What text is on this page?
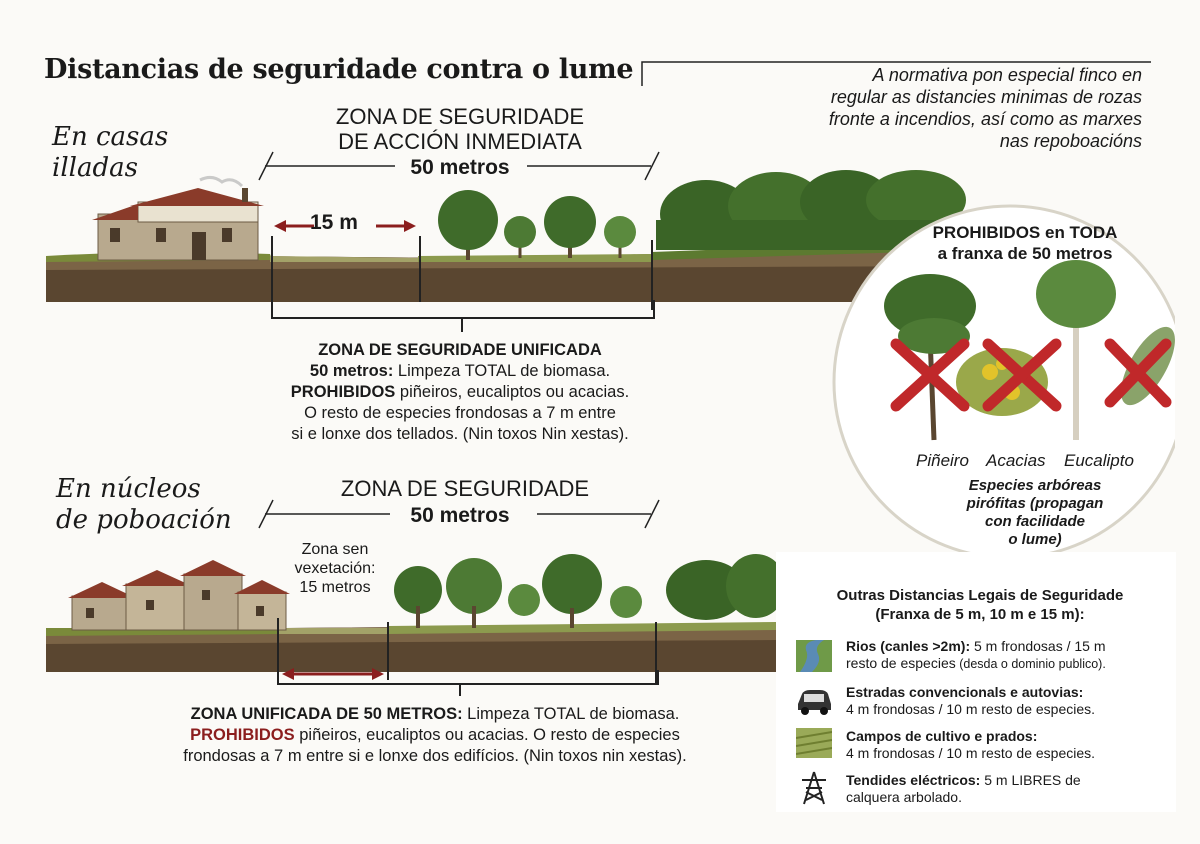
Distancias de seguridade contra o lume	A normativa pon especial finco en
regular as distancies minimas de rozas
fronte a incendios, así como as marxes
nas repoboacións
En casas
illadas
ZONA DE SEGURIDADE
DE ACCIÓN INMEDIATA
50 metros
15 m
ZONA DE SEGURIDADE UNIFICADA
50 metros: Limpeza TOTAL de biomasa.
PROHIBIDOS piñeiros, eucaliptos ou acacias.
O resto de especies frondosas a 7 m entre
si e lonxe dos tellados. (Nin toxos Nin xestas).
PROHIBIDOS en TODA
a franxa de 50 metros
Piñeiro Acacias Eucalipto
Especies arbóreas
pirófitas (propagan
con facilidade
o lume)
En núcleos
de poboación
ZONA DE SEGURIDADE
50 metros
Zona sen
vexetación:
15 metros
ZONA UNIFICADA DE 50 METROS: Limpeza TOTAL de biomasa.
PROHIBIDOS piñeiros, eucaliptos ou acacias. O resto de especies
frondosas a 7 m entre si e lonxe dos edifícios. (Nin toxos nin xestas).
Outras Distancias Legais de Seguridade
(Franxa de 5 m, 10 m e 15 m):
Rios (canles >2m): 5 m frondosas / 15 m
resto de especies (desda o dominio publico).
Estradas convencionals e autovias:
4 m frondosas / 10 m resto de especies.
Campos de cultivo e prados:
4 m frondosas / 10 m resto de especies.
Tendides eléctricos: 5 m LIBRES de
calquera arbolado.
